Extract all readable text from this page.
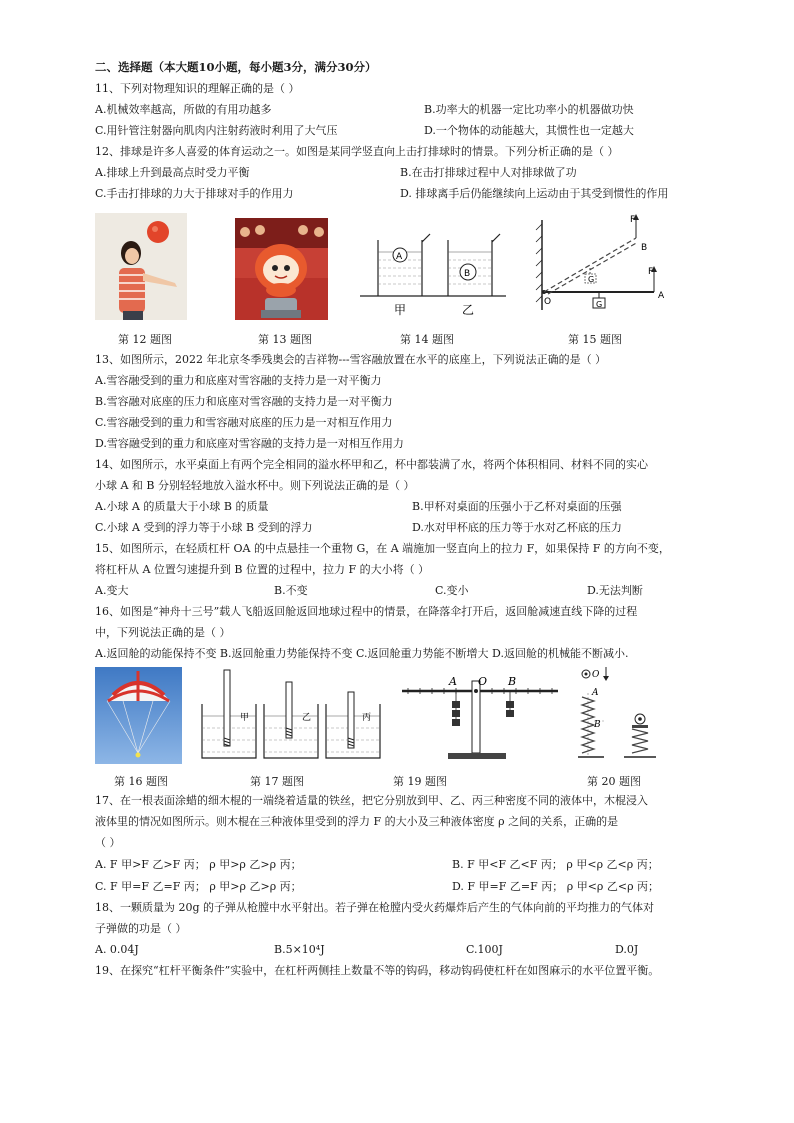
二、选择题（本大题10小题，每小题3分，满分30分）
11、下列对物理知识的理解正确的是（ ）
A.机械效率越高，所做的有用功越多	B.功率大的机器一定比功率小的机器做功快
C.用针管注射器向肌肉内注射药液时利用了大气压	D.一个物体的动能越大，其惯性也一定越大
12、排球是许多人喜爱的体育运动之一。如图是某同学竖直向上击打排球时的情景。下列分析正确的是（ ）
A.排球上升到最高点时受力平衡	B.在击打排球过程中人对排球做了功
C.手击打排球的力大于排球对手的作用力	D. 排球离手后仍能继续向上运动由于其受到惯性的作用
A
B
甲	乙
F
B
F
G
G
O
A
第 12 题图	第 13 题图	第 14 题图	第 15 题图
13、如图所示，2022 年北京冬季残奥会的吉祥物---雪容融放置在水平的底座上，下列说法正确的是（ ）
A.雪容融受到的重力和底座对雪容融的支持力是一对平衡力
B.雪容融对底座的压力和底座对雪容融的支持力是一对平衡力
C.雪容融受到的重力和雪容融对底座的压力是一对相互作用力
D.雪容融受到的重力和底座对雪容融的支持力是一对相互作用力
14、如图所示，水平桌面上有两个完全相同的溢水杯甲和乙，杯中都装满了水，将两个体积相同、材料不同的实心
小球 A 和 B 分别轻轻地放入溢水杯中。则下列说法正确的是（ ）
A.小球 A 的质量大于小球 B 的质量	B.甲杯对桌面的压强小于乙杯对桌面的压强
C.小球 A 受到的浮力等于小球 B 受到的浮力	D.水对甲杯底的压力等于水对乙杯底的压力
15、如图所示，在轻质杠杆 OA 的中点悬挂一个重物 G，在 A 端施加一竖直向上的拉力 F，如果保持 F 的方向不变，
将杠杆从 A 位置匀速提升到 B 位置的过程中，拉力 F 的大小将（ ）
A.变大	B.不变	C.变小	D.无法判断
16、如图是“神舟十三号”载人飞船返回舱返回地球过程中的情景，在降落伞打开后，返回舱减速直线下降的过程
中，下列说法正确的是（ ）
A.返回舱的动能保持不变 B.返回舱重力势能保持不变 C.返回舱重力势能不断增大 D.返回舱的机械能不断减小.
甲	乙	丙
A O B	O
A
B
第 16 题图	第 17 题图	第 19 题图	第 20 题图
17、在一根表面涂蜡的细木棍的一端绕着适量的铁丝，把它分别放到甲、乙、丙三种密度不同的液体中，木棍浸入
液体里的情况如图所示。则木棍在三种液体里受到的浮力 F 的大小及三种液体密度 ρ 之间的关系，正确的是
（ ）
A. F 甲>F 乙>F 丙； ρ 甲>ρ 乙>ρ 丙；	B. F 甲<F 乙<F 丙； ρ 甲<ρ 乙<ρ 丙；
C. F 甲=F 乙=F 丙； ρ 甲>ρ 乙>ρ 丙；	D. F 甲=F 乙=F 丙； ρ 甲<ρ 乙<ρ 丙；
18、一颗质量为 20g 的子弹从枪膛中水平射出。若子弹在枪膛内受火药爆炸后产生的气体向前的平均推力的气体对
子弹做的功是（ ）
A. 0.04J	B.5×10⁴J	C.100J	D.0J
19、在探究“杠杆平衡条件”实验中，在杠杆两侧挂上数量不等的钩码，移动钩码使杠杆在如图麻示的水平位置平衡。
